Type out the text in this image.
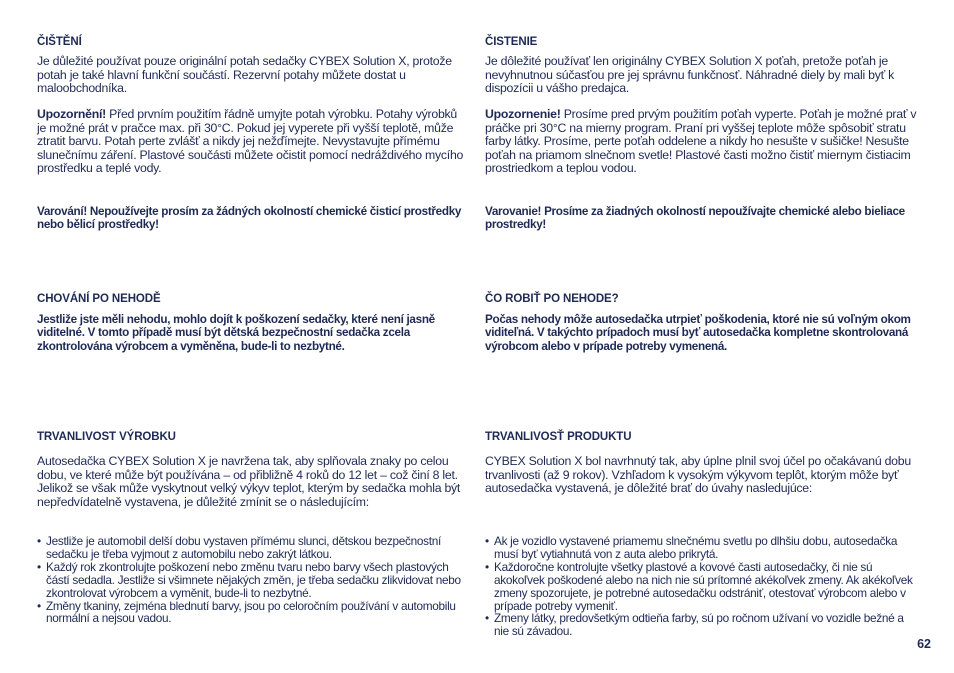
ČIŠTĚNÍ

Je důležité používat pouze originální potah sedačky CYBEX Solution X, protože potah je také hlavní funkční součástí. Rezervní potahy můžete dostat u maloobchodníka.

Upozornění! Před prvním použitím řádně umyjte potah výrobku. Potahy výrobků je možné prát v pračce max. při 30°C. Pokud jej vyperete při vyšší teplotě, může ztratit barvu. Potah perte zvlášť a nikdy jej nežďímejte. Nevystavujte přímému slunečnímu záření. Plastové součásti můžete očistit pomocí nedráždivého mycího prostředku a teplé vody.

Varování! Nepoužívejte prosím za žádných okolností chemické čisticí prostředky nebo bělicí prostředky!

CHOVÁNÍ PO NEHODĚ

Jestliže jste měli nehodu, mohlo dojít k poškození sedačky, které není jasně viditelné. V tomto případě musí být dětská bezpečnostní sedačka zcela zkontrolována výrobcem a vyměněna, bude-li to nezbytné.

TRVANLIVOST VÝROBKU

Autosedačka CYBEX Solution X je navržena tak, aby splňovala znaky po celou dobu, ve které může být používána – od přibližně 4 roků do 12 let – což činí 8 let. Jelikož se však může vyskytnout velký výkyv teplot, kterým by sedačka mohla být nepředvídatelně vystavena, je důležité zmínit se o následujícím:

• Jestliže je automobil delší dobu vystaven přímému slunci, dětskou bezpečnostní sedačku je třeba vyjmout z automobilu nebo zakrýt látkou.
• Každý rok zkontrolujte poškození nebo změnu tvaru nebo barvy všech plastových částí sedadla. Jestliže si všimnete nějakých změn, je třeba sedačku zlikvidovat nebo zkontrolovat výrobcem a vyměnit, bude-li to nezbytné.
• Změny tkaniny, zejména blednutí barvy, jsou po celoročním používání v automobilu normální a nejsou vadou.
ČISTENIE

Je dôležité používať len originálny CYBEX Solution X poťah, pretože poťah je nevyhnutnou súčasťou pre jej správnu funkčnosť. Náhradné diely by mali byť k dispozícii u vášho predajca.

Upozornenie! Prosíme pred prvým použitím poťah vyperte. Poťah je možné prať v práčke pri 30°C na mierny program. Praní pri vyššej teplote môže spôsobiť stratu farby látky. Prosíme, perte poťah oddelene a nikdy ho nesušte v sušičke! Nesušte poťah na priamom slnečnom svetle! Plastové časti možno čistiť miernym čistiacim prostriedkom a teplou vodou.

Varovanie! Prosíme za žiadných okolností nepoužívajte chemické alebo bieliace prostredky!

ČO ROBIŤ PO NEHODE?

Počas nehody môže autosedačka utrpieť poškodenia, ktoré nie sú voľným okom viditeľná. V takýchto prípadoch musí byť autosedačka kompletne skontrolovaná výrobcom alebo v prípade potreby vymenená.

TRVANLIVOSŤ PRODUKTU

CYBEX Solution X bol navrhnutý tak, aby úplne plnil svoj účel po očakávanú dobu trvanlivosti (až 9 rokov). Vzhľadom k vysokým výkyvom teplôt, ktorým môže byť autosedačka vystavená, je dôležité brať do úvahy nasledujúce:

• Ak je vozidlo vystavené priamemu slnečnému svetlu po dlhšiu dobu, autosedačka musí byť vytiahnutá von z auta alebo prikrytá.
• Každoročne kontrolujte všetky plastové a kovové časti autosedačky, či nie sú akokoľvek poškodené alebo na nich nie sú prítomné akékoľvek zmeny. Ak akékoľvek zmeny spozorujete, je potrebné autosedačku odstrániť, otestovať výrobcom alebo v prípade potreby vymeniť.
• Zmeny látky, predovšetkým odtieňa farby, sú po ročnom užívaní vo vozidle bežné a nie sú závadou.
62
